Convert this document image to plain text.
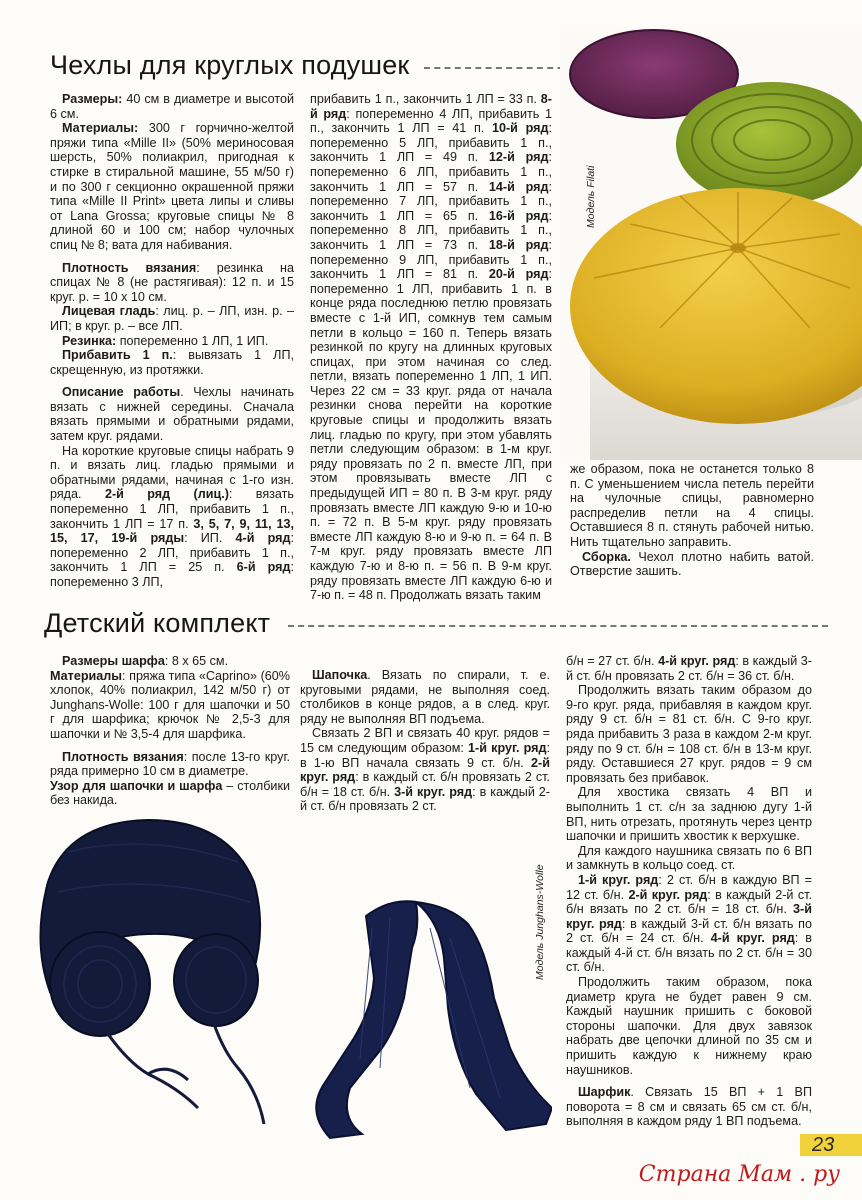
Чехлы для круглых подушек
Модель Filati

Размеры: 40 см в диаметре и высотой 6 см.

Материалы: 300 г горчично-желтой пряжи типа «Mille II» (50% мериносовая шерсть, 50% полиакрил, пригодная к стирке в стиральной машине, 55 м/50 г) и по 300 г секционно окрашенной пряжи типа «Mille II Print» цвета липы и сливы от Lana Grossa; круговые спицы № 8 длиной 60 и 100 см; набор чулочных спиц № 8; вата для набивания.

Плотность вязания: резинка на спицах № 8 (не растягивая): 12 п. и 15 круг. р. = 10 х 10 см.

Лицевая гладь: лиц. р. – ЛП, изн. р. – ИП; в круг. р. – все ЛП.

Резинка: попеременно 1 ЛП, 1 ИП.

Прибавить 1 п.: вывязать 1 ЛП, скрещенную, из протяжки.

Описание работы. Чехлы начинать вязать с нижней середины. Сначала вязать прямыми и обратными рядами, затем круг. рядами.

На короткие круговые спицы набрать 9 п. и вязать лиц. гладью прямыми и обратными рядами, начиная с 1-го изн. ряда. 2-й ряд (лиц.): вязать попеременно 1 ЛП, прибавить 1 п., закончить 1 ЛП = 17 п. 3, 5, 7, 9, 11, 13, 15, 17, 19-й ряды: ИП. 4-й ряд: попеременно 2 ЛП, прибавить 1 п., закончить 1 ЛП = 25 п. 6-й ряд: попеременно 3 ЛП,

прибавить 1 п., закончить 1 ЛП = 33 п. 8-й ряд: попеременно 4 ЛП, прибавить 1 п., закончить 1 ЛП = 41 п. 10-й ряд: попеременно 5 ЛП, прибавить 1 п., закончить 1 ЛП = 49 п. 12-й ряд: попеременно 6 ЛП, прибавить 1 п., закончить 1 ЛП = 57 п. 14-й ряд: попеременно 7 ЛП, прибавить 1 п., закончить 1 ЛП = 65 п. 16-й ряд: попеременно 8 ЛП, прибавить 1 п., закончить 1 ЛП = 73 п. 18-й ряд: попеременно 9 ЛП, прибавить 1 п., закончить 1 ЛП = 81 п. 20-й ряд: попеременно 1 ЛП, прибавить 1 п. в конце ряда последнюю петлю провязать вместе с 1-й ИП, сомкнув тем самым петли в кольцо = 160 п. Теперь вязать резинкой по кругу на длинных круговых спицах, при этом начиная со след. петли, вязать попеременно 1 ЛП, 1 ИП. Через 22 см = 33 круг. ряда от начала резинки снова перейти на короткие круговые спицы и продолжить вязать лиц. гладью по кругу, при этом убавлять петли следующим образом: в 1-м круг. ряду провязать по 2 п. вместе ЛП, при этом провязывать вместе ЛП с предыдущей ИП = 80 п. В 3-м круг. ряду провязать вместе ЛП каждую 9-ю и 10-ю п. = 72 п. В 5-м круг. ряду провязать вместе ЛП каждую 8-ю и 9-ю п. = 64 п. В 7-м круг. ряду провязать вместе ЛП каждую 7-ю и 8-ю п. = 56 п. В 9-м круг. ряду провязать вместе ЛП каждую 6-ю и 7-ю п. = 48 п. Продолжать вязать таким

же образом, пока не останется только 8 п. С уменьшением числа петель перейти на чулочные спицы, равномерно распределив петли на 4 спицы. Оставшиеся 8 п. стянуть рабочей нитью. Нить тщательно заправить.

Сборка. Чехол плотно набить ватой. Отверстие зашить.

Детский комплект

Размеры шарфа: 8 х 65 см.
Материалы: пряжа типа «Caprino» (60% хлопок, 40% полиакрил, 142 м/50 г) от Junghans-Wolle: 100 г для шапочки и 50 г для шарфика; крючок № 2,5-3 для шапочки и № 3,5-4 для шарфика.

Плотность вязания: после 13-го круг. ряда примерно 10 см в диаметре.
Узор для шапочки и шарфа – столбики без накида.

Шапочка. Вязать по спирали, т. е. круговыми рядами, не выполняя соед. столбиков в конце рядов, а в след. круг. ряду не выполняя ВП подъема.

Связать 2 ВП и связать 40 круг. рядов = 15 см следующим образом: 1-й круг. ряд: в 1-ю ВП начала связать 9 ст. б/н. 2-й круг. ряд: в каждый ст. б/н провязать 2 ст. б/н = 18 ст. б/н. 3-й круг. ряд: в каждый 2-й ст. б/н провязать 2 ст.

Модель Junghans-Wolle

б/н = 27 ст. б/н. 4-й круг. ряд: в каждый 3-й ст. б/н провязать 2 ст. б/н = 36 ст. б/н.

Продолжить вязать таким образом до 9-го круг. ряда, прибавляя в каждом круг. ряду 9 ст. б/н = 81 ст. б/н. С 9-го круг. ряда прибавить 3 раза в каждом 2-м круг. ряду по 9 ст. б/н = 108 ст. б/н в 13-м круг. ряду. Оставшиеся 27 круг. рядов = 9 см провязать без прибавок.

Для хвостика связать 4 ВП и выполнить 1 ст. с/н за заднюю дугу 1-й ВП, нить отрезать, протянуть через центр шапочки и пришить хвостик к верхушке.

Для каждого наушника связать по 6 ВП и замкнуть в кольцо соед. ст.

1-й круг. ряд: 2 ст. б/н в каждую ВП = 12 ст. б/н. 2-й круг. ряд: в каждый 2-й ст. б/н вязать по 2 ст. б/н = 18 ст. б/н. 3-й круг. ряд: в каждый 3-й ст. б/н вязать по 2 ст. б/н = 24 ст. б/н. 4-й круг. ряд: в каждый 4-й ст. б/н вязать по 2 ст. б/н = 30 ст. б/н.

Продолжить таким образом, пока диаметр круга не будет равен 9 см. Каждый наушник пришить с боковой стороны шапочки. Для двух завязок набрать две цепочки длиной по 35 см и пришить каждую к нижнему краю наушников.

Шарфик. Связать 15 ВП + 1 ВП поворота = 8 см и связать 65 см ст. б/н, выполняя в каждом ряду 1 ВП подъема.

23
Страна Мам . ру
